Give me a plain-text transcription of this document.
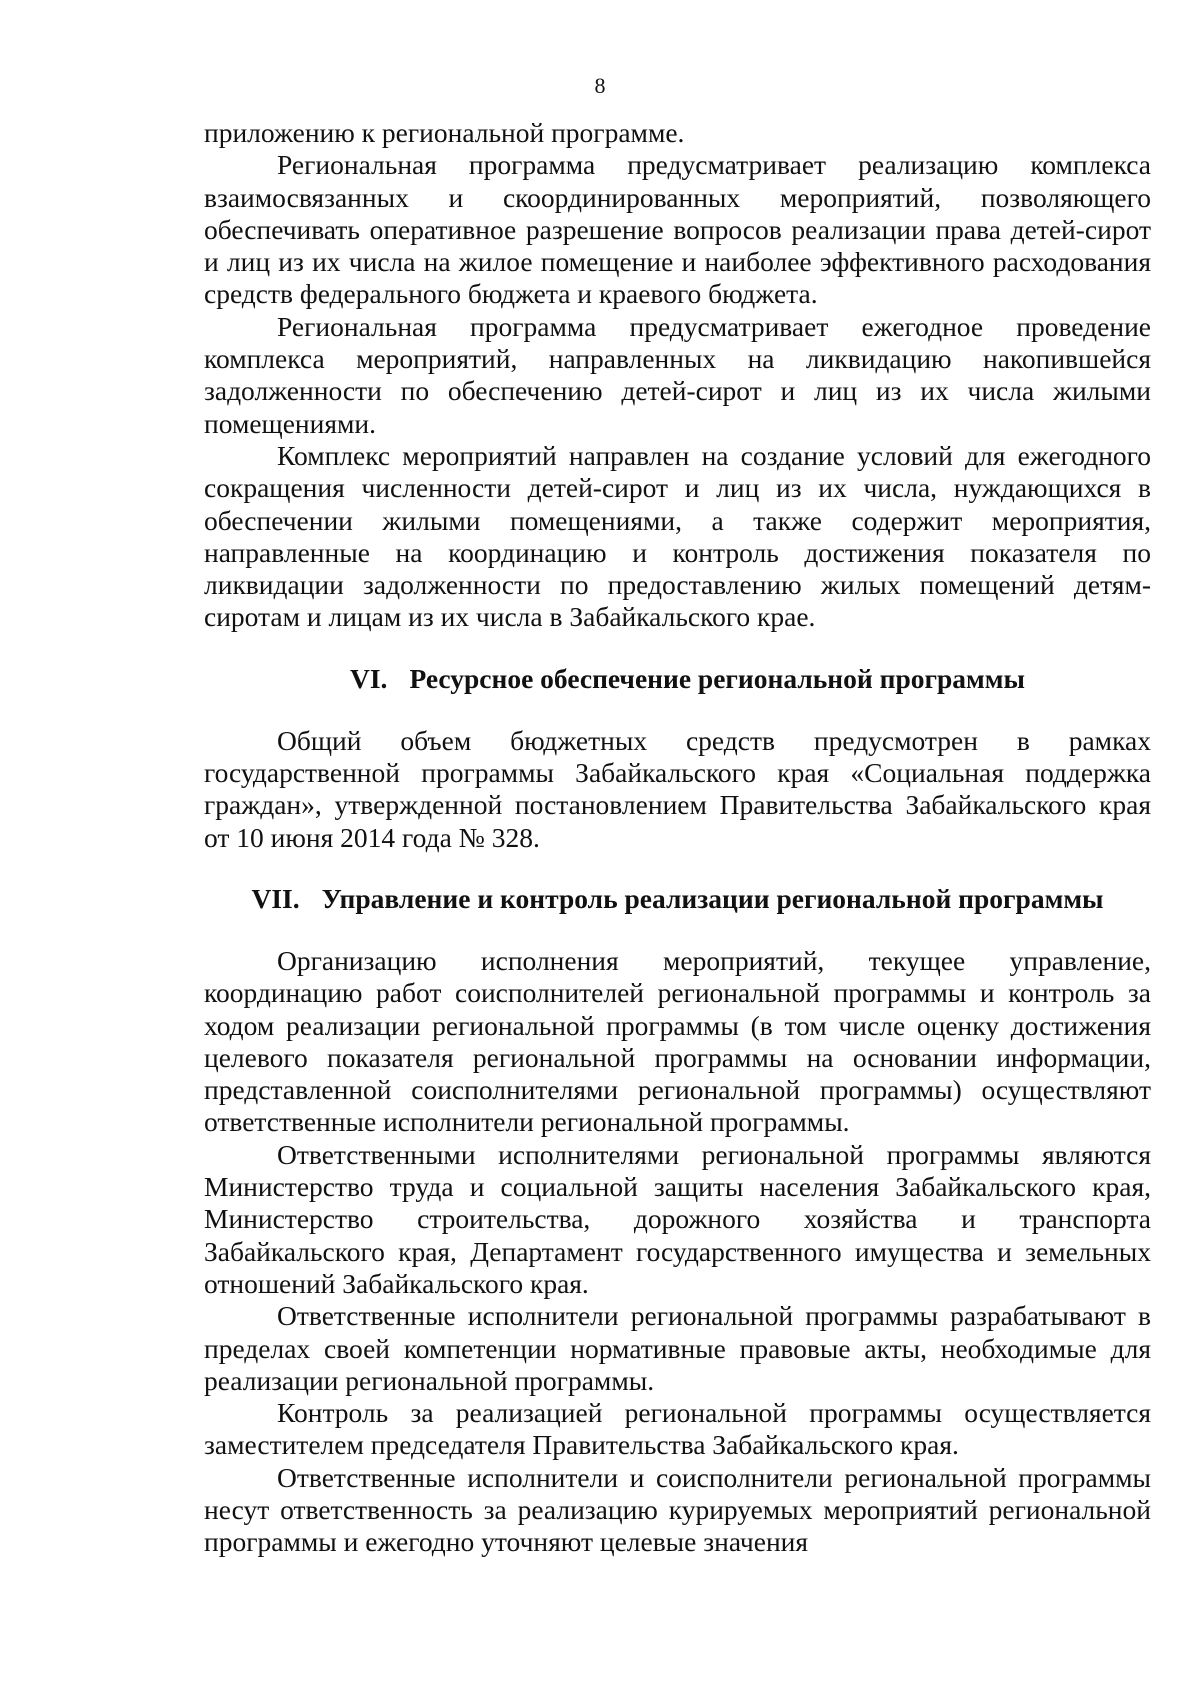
8

приложению к региональной программе.

Региональная программа предусматривает реализацию комплекса взаимосвязанных и скоординированных мероприятий, позволяющего обеспечивать оперативное разрешение вопросов реализации права детей-сирот и лиц из их числа на жилое помещение и наиболее эффективного расходования средств федерального бюджета и краевого бюджета.

Региональная программа предусматривает ежегодное проведение комплекса мероприятий, направленных на ликвидацию накопившейся задолженности по обеспечению детей-сирот и лиц из их числа жилыми помещениями.

Комплекс мероприятий направлен на создание условий для ежегодного сокращения численности детей-сирот и лиц из их числа, нуждающихся в обеспечении жилыми помещениями, а также содержит мероприятия, направленные на координацию и контроль достижения показателя по ликвидации задолженности по предоставлению жилых помещений детям-сиротам и лицам из их числа в Забайкальского крае.

VI. Ресурсное обеспечение региональной программы

Общий объем бюджетных средств предусмотрен в рамках государственной программы Забайкальского края «Социальная поддержка граждан», утвержденной постановлением Правительства Забайкальского края от 10 июня 2014 года № 328.

VII. Управление и контроль реализации региональной программы

Организацию исполнения мероприятий, текущее управление, координацию работ соисполнителей региональной программы и контроль за ходом реализации региональной программы (в том числе оценку достижения целевого показателя региональной программы на основании информации, представленной соисполнителями региональной программы) осуществляют ответственные исполнители региональной программы.

Ответственными исполнителями региональной программы являются Министерство труда и социальной защиты населения Забайкальского края, Министерство строительства, дорожного хозяйства и транспорта Забайкальского края, Департамент государственного имущества и земельных отношений Забайкальского края.

Ответственные исполнители региональной программы разрабатывают в пределах своей компетенции нормативные правовые акты, необходимые для реализации региональной программы.

Контроль за реализацией региональной программы осуществляется заместителем председателя Правительства Забайкальского края.

Ответственные исполнители и соисполнители региональной программы несут ответственность за реализацию курируемых мероприятий региональной программы и ежегодно уточняют целевые значения
